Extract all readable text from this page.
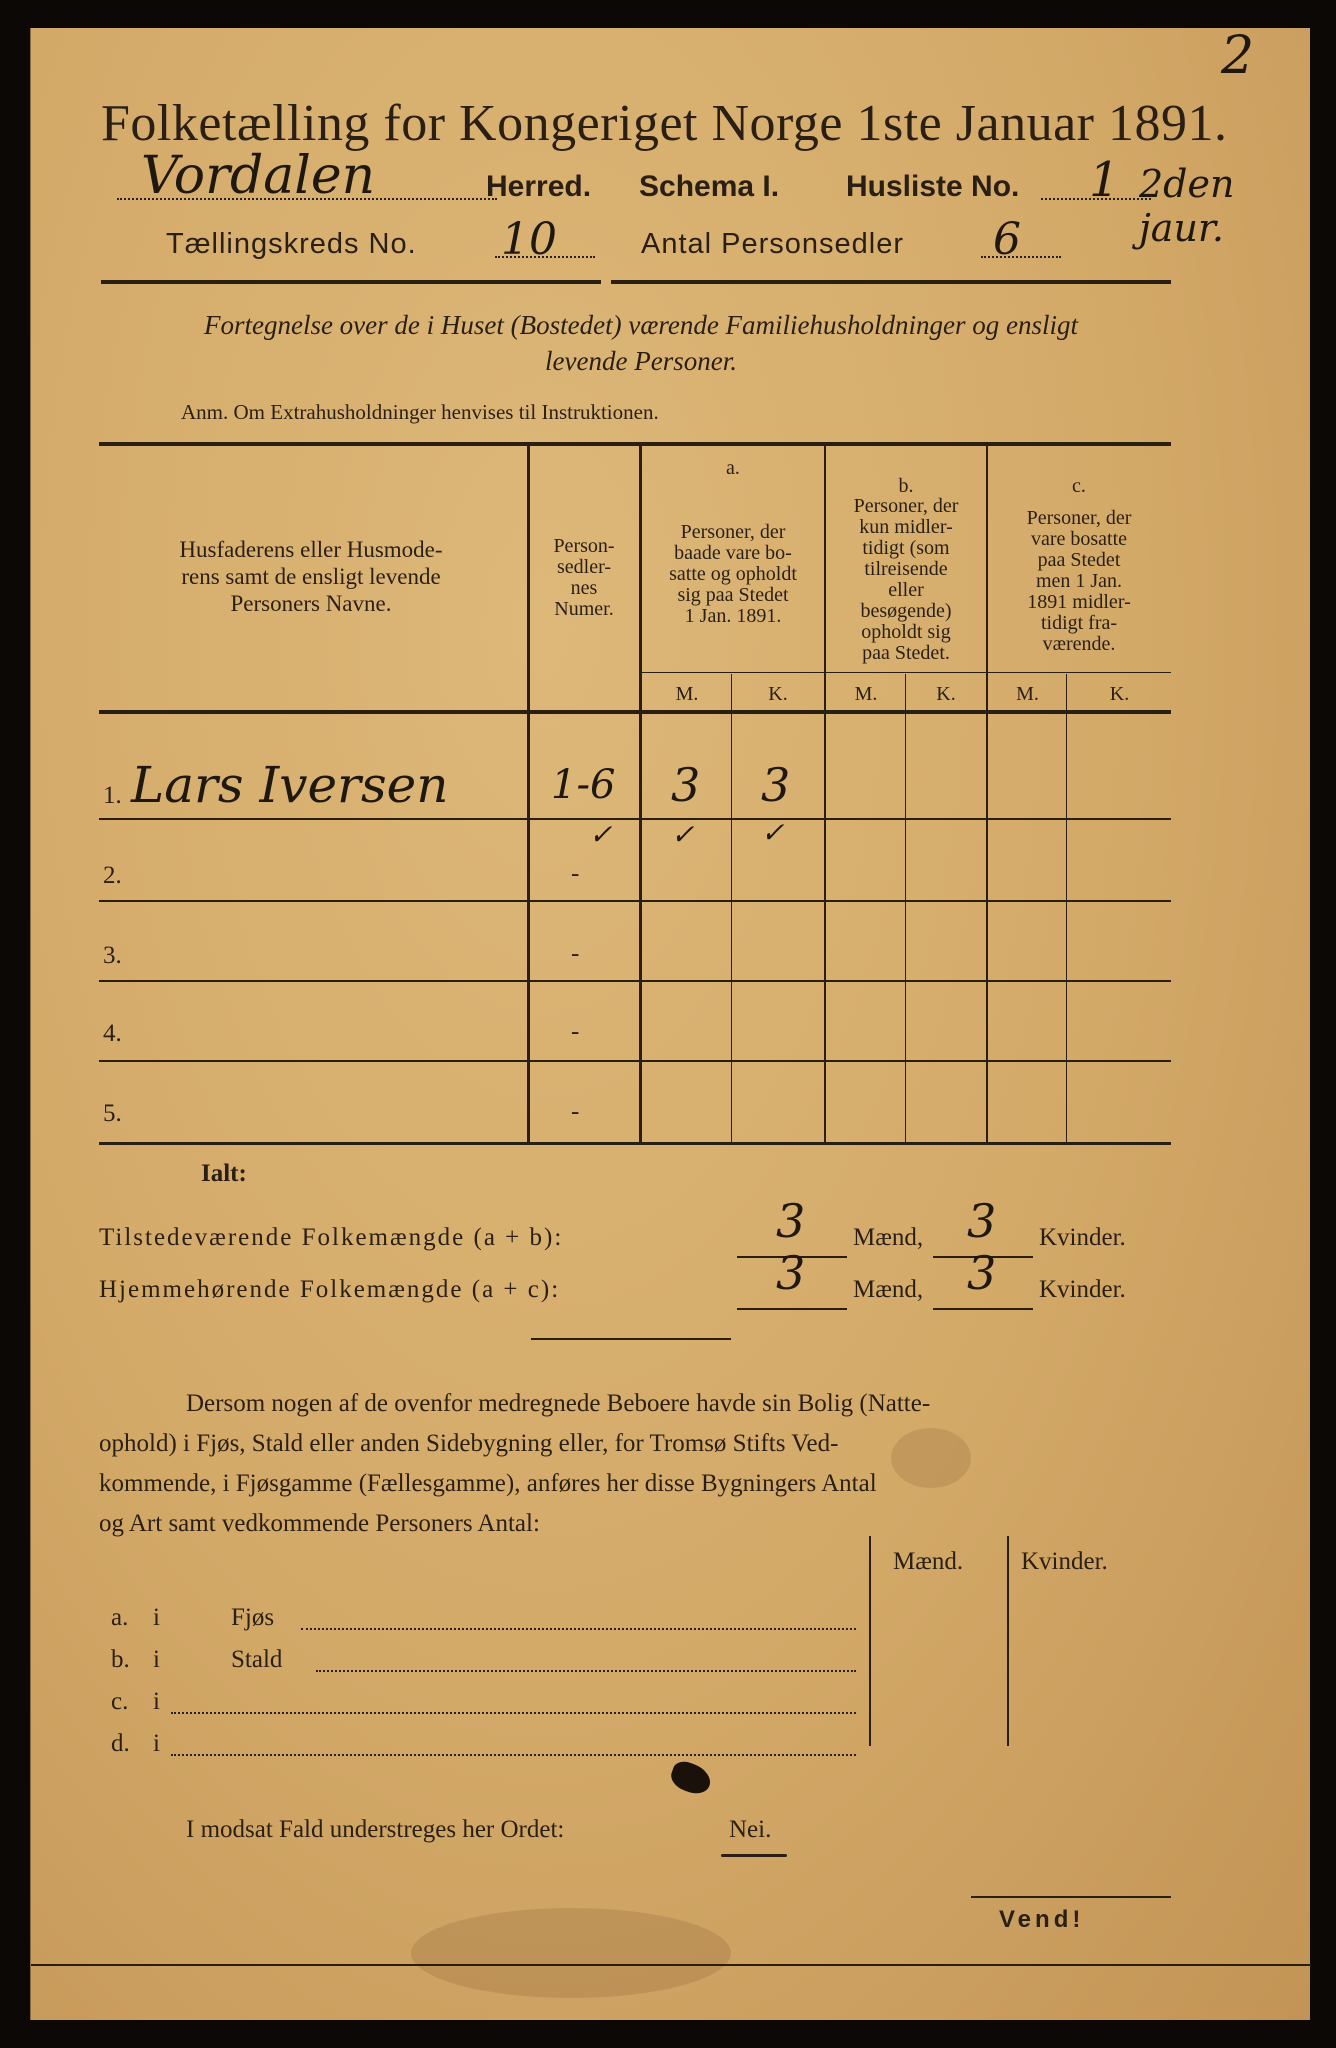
Folketælling for Kongeriget Norge 1ste Januar 1891.
2
Vordalen	Herred. Schema I. Husliste No. 1 2den jaur.
Tællingskreds No. 10	Antal Personsedler 6
Fortegnelse over de i Huset (Bostedet) værende Familiehusholdninger og ensligt
levende Personer.
Anm. Om Extrahusholdninger henvises til Instruktionen.
Husfaderens eller Husmode-
rens samt de ensligt levende
Personers Navne.
Person-
sedler-
nes
Numer.
a.
Personer, der
baade vare bo-
satte og opholdt
sig paa Stedet
1 Jan. 1891.
b.
Personer, der
kun midler-
tidigt (som
tilreisende
eller
besøgende)
opholdt sig
paa Stedet.
c.
Personer, der
vare bosatte
paa Stedet
men 1 Jan.
1891 midler-
tidigt fra-
værende.
M.	K.	M.	K.	M.	K.
1. Lars Iversen	1-6 3 3
✓ ✓ ✓
2.	-
3.	-
4.	-
5.	-
Ialt:
Tilstedeværende Folkemængde (a + b):	3 Mænd, 3 Kvinder.
Hjemmehørende Folkemængde (a + c):	3 Mænd, 3 Kvinder.
Dersom nogen af de ovenfor medregnede Beboere havde sin Bolig (Natte-
ophold) i Fjøs, Stald eller anden Sidebygning eller, for Tromsø Stifts Ved-
kommende, i Fjøsgamme (Fællesgamme), anføres her disse Bygningers Antal
og Art samt vedkommende Personers Antal:
Mænd. Kvinder.
a. i	Fjøs
b. i	Stald
c. i
d. i
I modsat Fald understreges her Ordet:	Nei.
Vend!
